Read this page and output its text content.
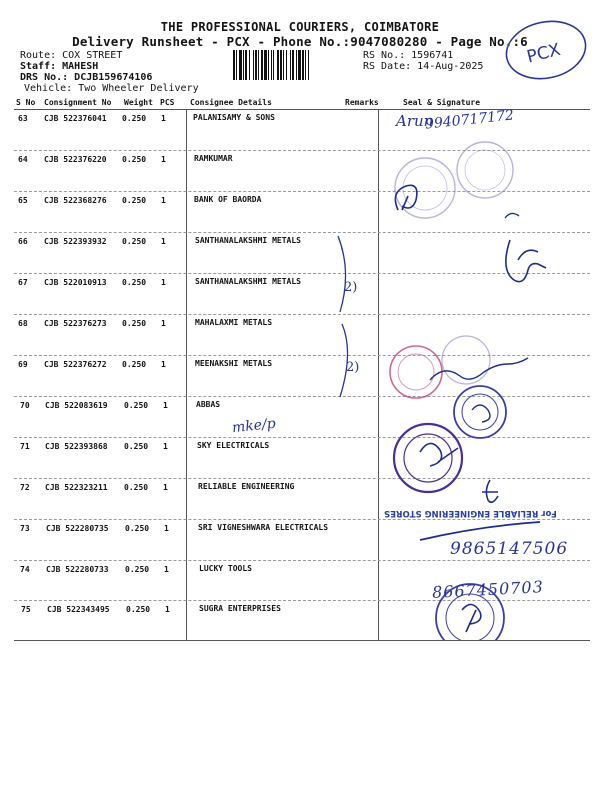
THE PROFESSIONAL COURIERS, COIMBATORE
Delivery Runsheet - PCX - Phone No.:9047080280 - Page No.:6
Route: COX STREET
Staff: MAHESH
DRS No.: DCJB159674106
Vehicle: Two Wheeler Delivery
RS No.: 1596741
RS Date: 14-Aug-2025 PCX
S No Consignment No Weight PCS Consignee Details	Remarks	Seal & Signature
63 CJB 522376041 0.250 1	PALANISAMY & SONS
64 CJB 522376220 0.250 1	RAMKUMAR
65 CJB 522368276 0.250 1	BANK OF BAORDA
66 CJB 522393932 0.250 1	SANTHANALAKSHMI METALS
67 CJB 522010913 0.250 1	SANTHANALAKSHMI METALS
68 CJB 522376273 0.250 1	MAHALAXMI METALS
69 CJB 522376272 0.250 1	MEENAKSHI METALS
70 CJB 522083619 0.250 1	ABBAS
71 CJB 522393868 0.250 1	SKY ELECTRICALS
72 CJB 522323211 0.250 1	RELIABLE ENGINEERING
73 CJB 522280735 0.250 1	SRI VIGNESHWARA ELECTRICALS
74 CJB 522280733 0.250 1	LUCKY TOOLS
75 CJB 522343495 0.250 1	SUGRA ENTERPRISES
2)
2)
Arun
9940717172
mke/p
For RELIABLE ENGINEERING STORES
9865147506
8667450703
